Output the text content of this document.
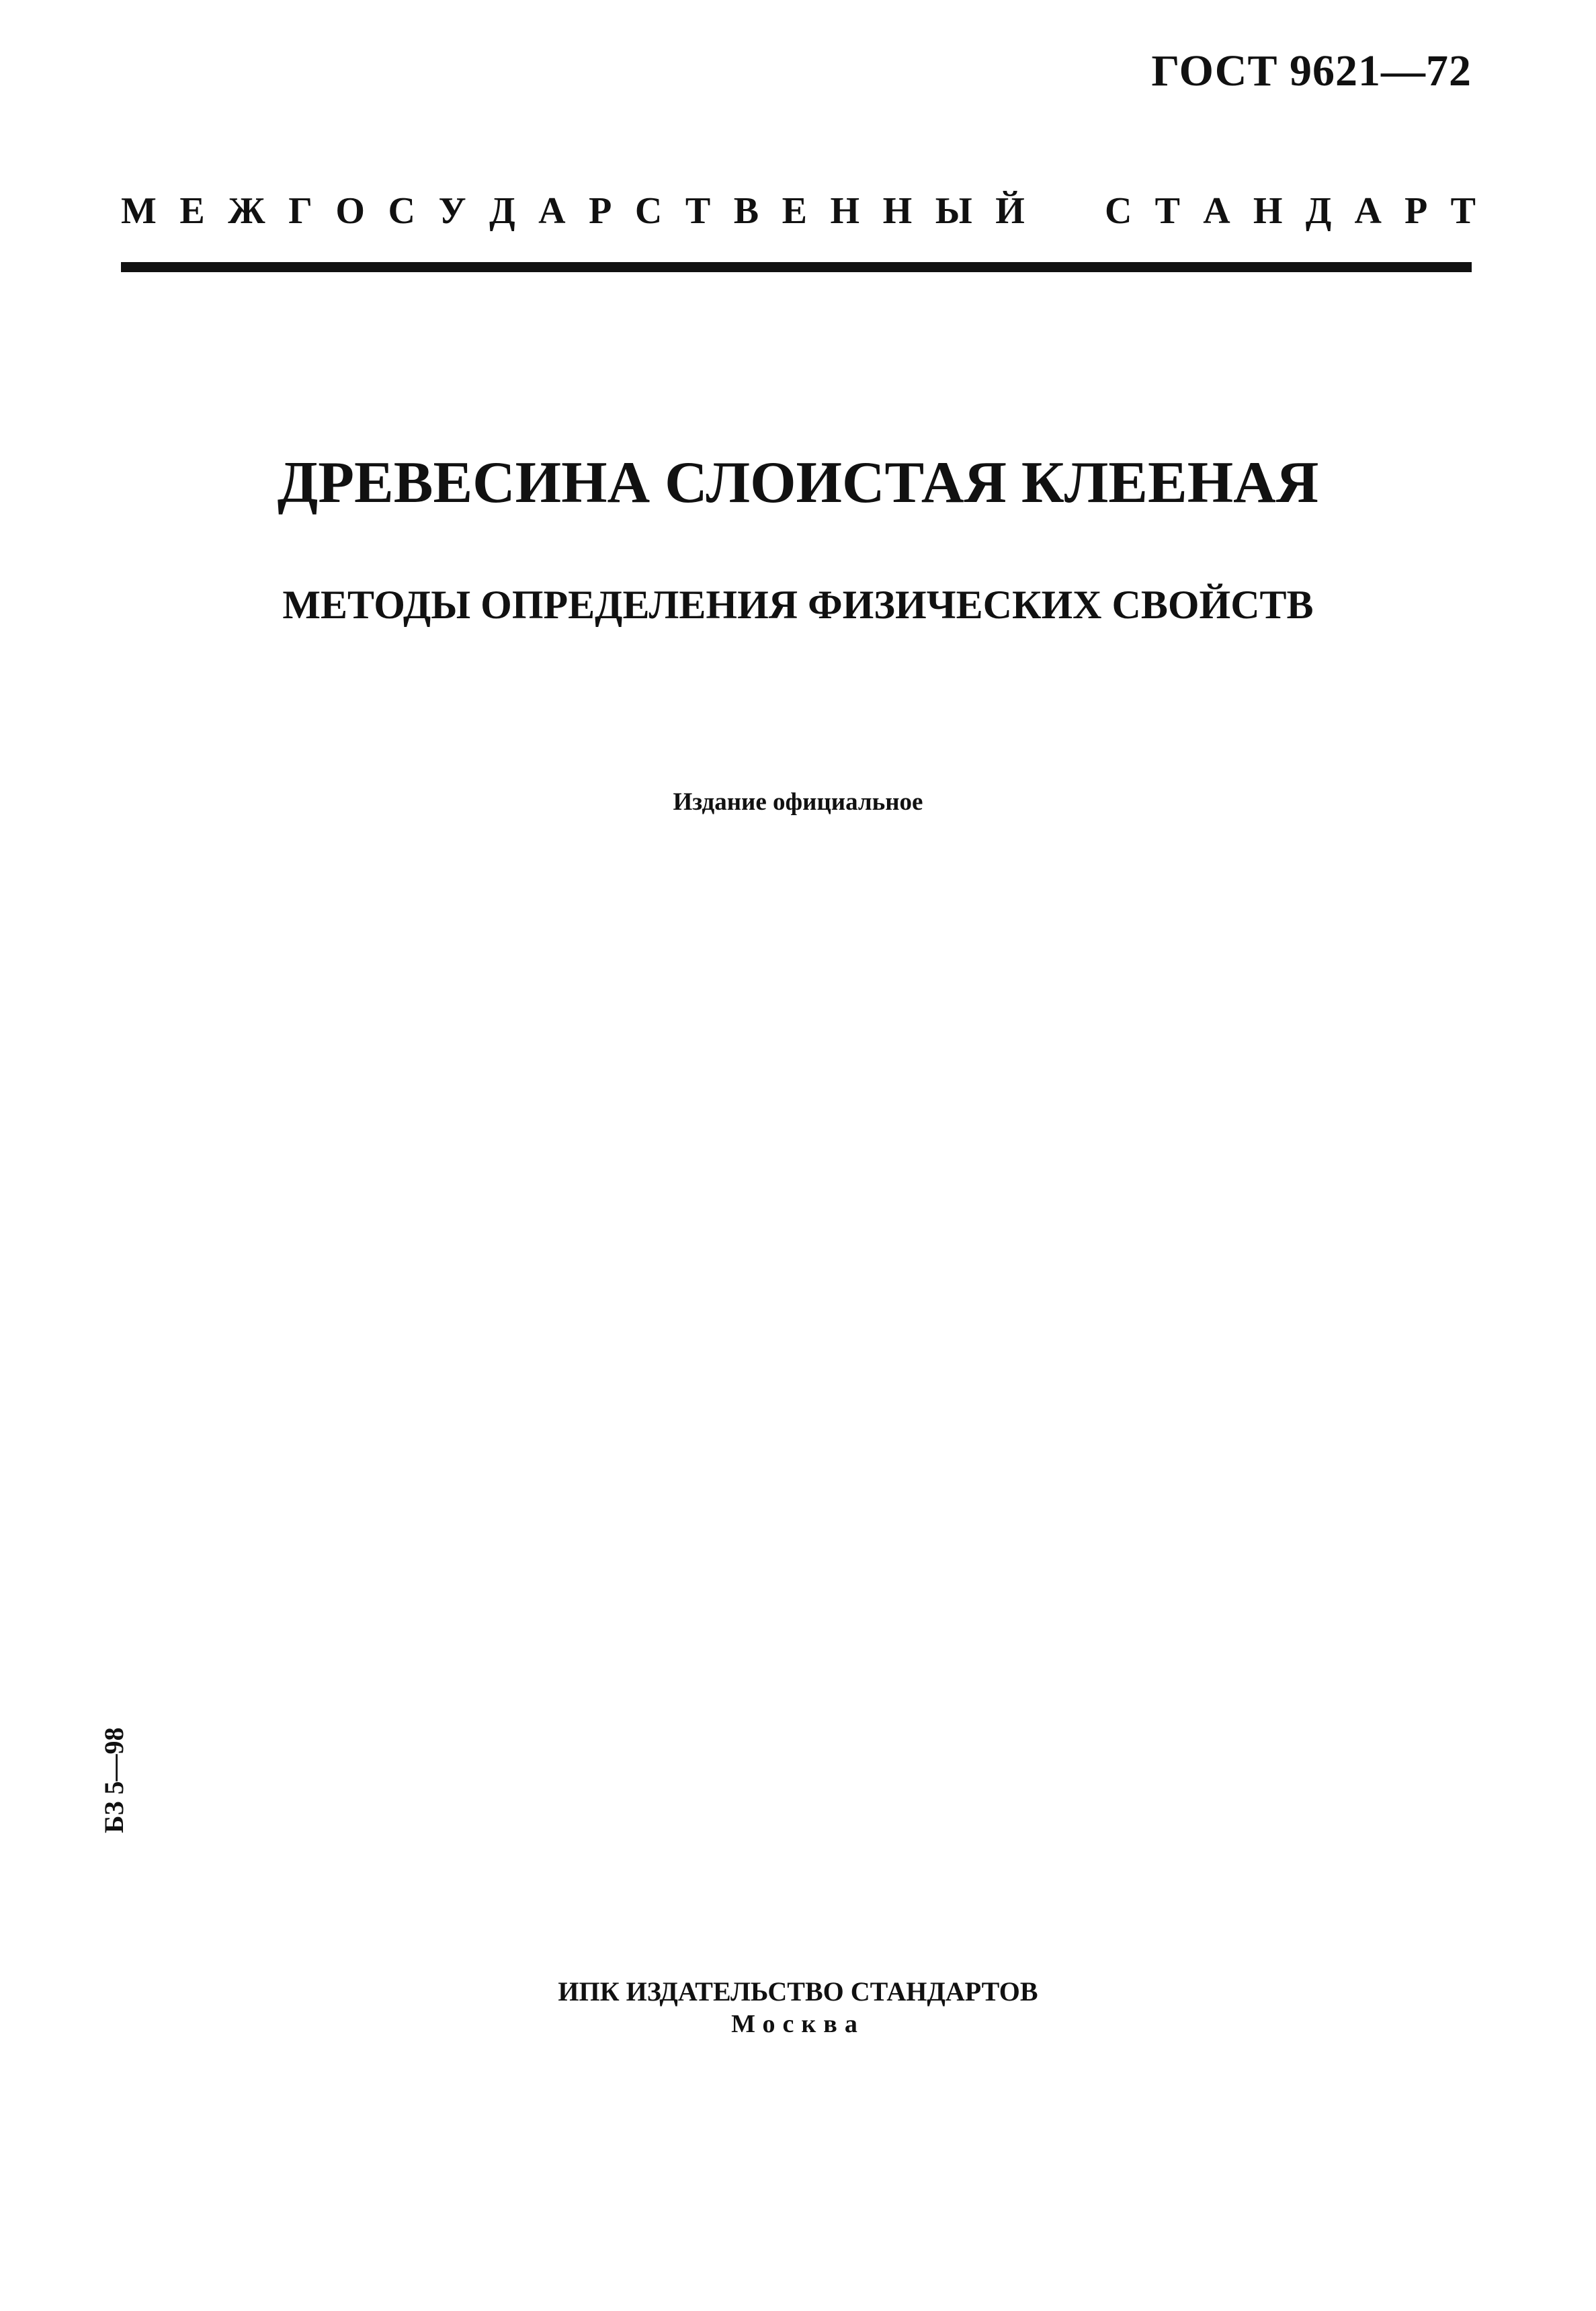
ГОСТ 9621—72
М Е Ж Г О С У Д А Р С Т В Е Н Н Ы Й С Т А Н Д А Р Т
ДРЕВЕСИНА СЛОИСТАЯ КЛЕЕНАЯ
МЕТОДЫ ОПРЕДЕЛЕНИЯ ФИЗИЧЕСКИХ СВОЙСТВ
Издание официальное
БЗ 5—98
ИПК ИЗДАТЕЛЬСТВО СТАНДАРТОВ
Москва
